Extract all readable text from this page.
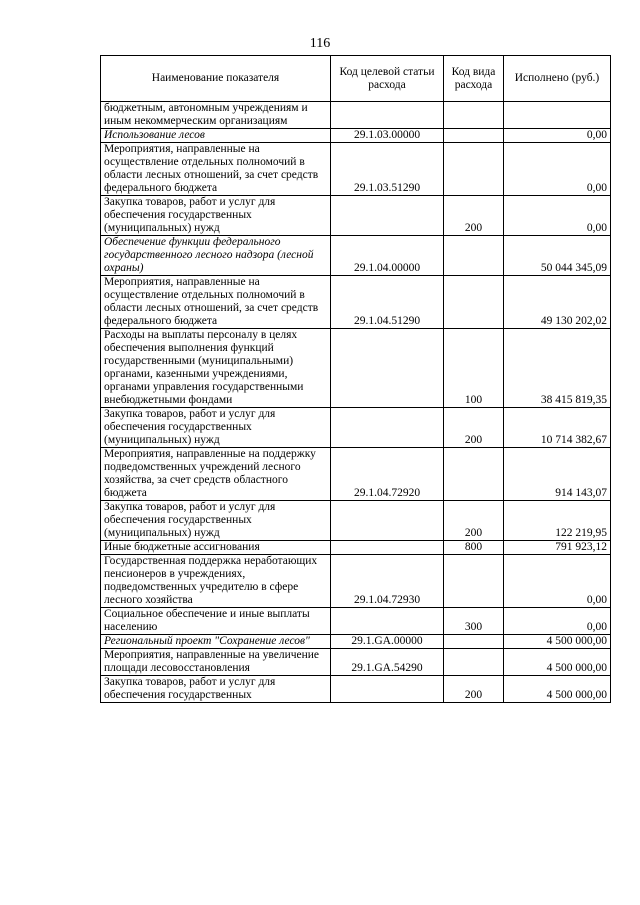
116
Наименование показателя	Код целевой статьи расхода	Код вида расхода	Исполнено (руб.)
бюджетным, автономным учреждениям и иным некоммерческим организациям			
Использование лесов	29.1.03.00000		0,00
Мероприятия, направленные на осуществление отдельных полномочий в области лесных отношений, за счет средств федерального бюджета	29.1.03.51290		0,00
Закупка товаров, работ и услуг для обеспечения государственных (муниципальных) нужд		200	0,00
Обеспечение функции федерального государственного лесного надзора (лесной охраны)	29.1.04.00000		50 044 345,09
Мероприятия, направленные на осуществление отдельных полномочий в области лесных отношений, за счет средств федерального бюджета	29.1.04.51290		49 130 202,02
Расходы на выплаты персоналу в целях обеспечения выполнения функций государственными (муниципальными) органами, казенными учреждениями, органами управления государственными внебюджетными фондами		100	38 415 819,35
Закупка товаров, работ и услуг для обеспечения государственных (муниципальных) нужд		200	10 714 382,67
Мероприятия, направленные на поддержку подведомственных учреждений лесного хозяйства, за счет средств областного бюджета	29.1.04.72920		914 143,07
Закупка товаров, работ и услуг для обеспечения государственных (муниципальных) нужд		200	122 219,95
Иные бюджетные ассигнования		800	791 923,12
Государственная поддержка неработающих пенсионеров в учреждениях, подведомственных учредителю в сфере лесного хозяйства	29.1.04.72930		0,00
Социальное обеспечение и иные выплаты населению		300	0,00
Региональный проект "Сохранение лесов"	29.1.GA.00000		4 500 000,00
Мероприятия, направленные на увеличение площади лесовосстановления	29.1.GA.54290		4 500 000,00
Закупка товаров, работ и услуг для обеспечения государственных		200	4 500 000,00
